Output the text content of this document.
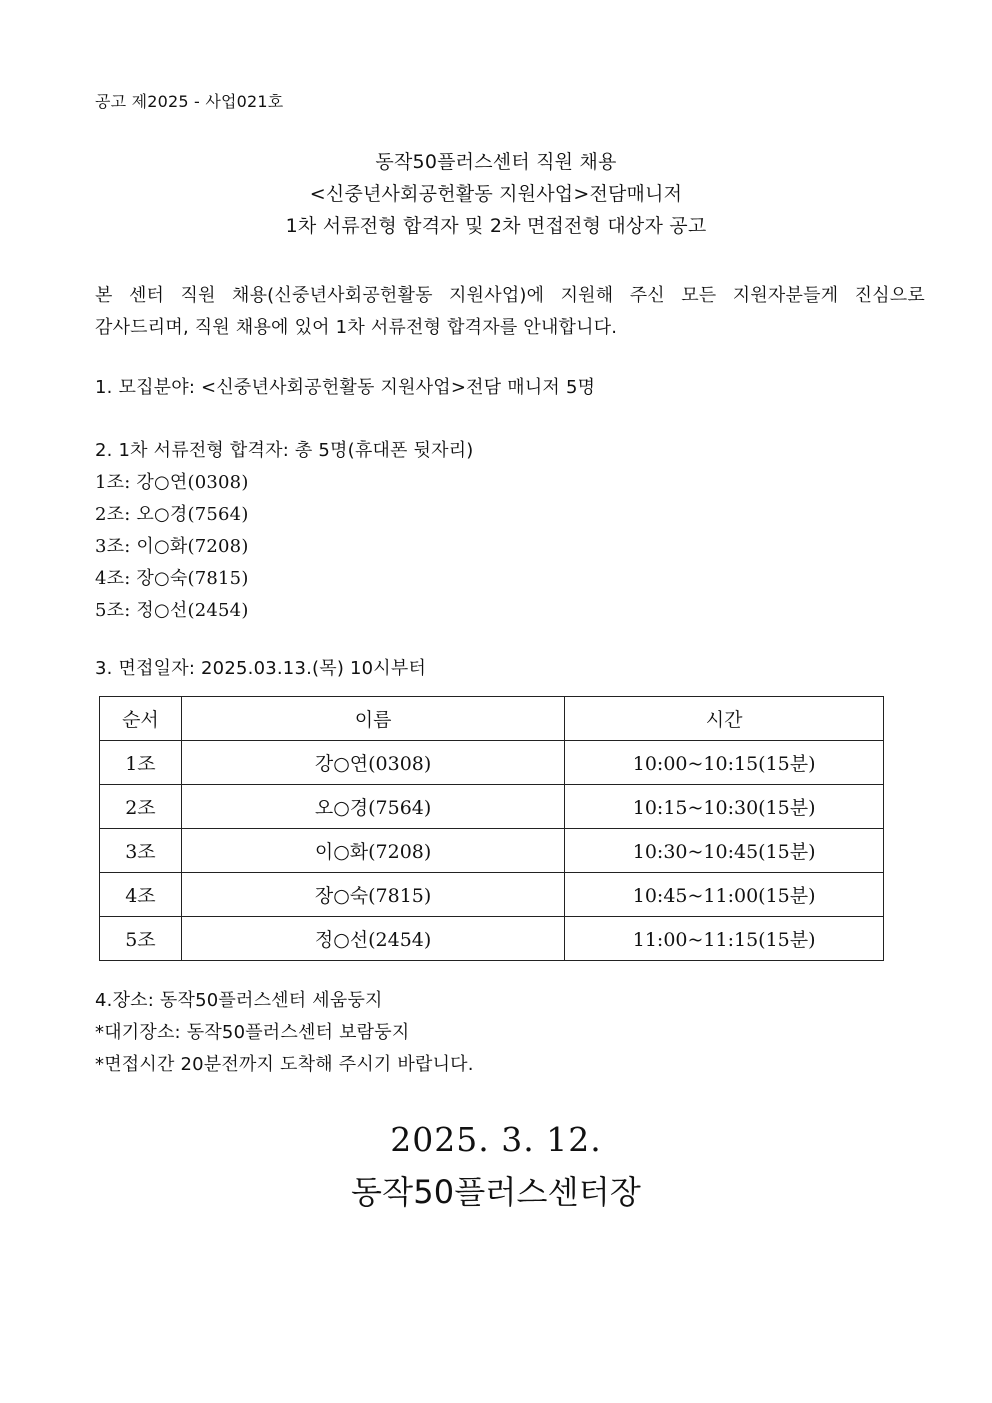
공고 제2025 - 사업021호
동작50플러스센터 직원 채용
<신중년사회공헌활동 지원사업>전담매니저
1차 서류전형 합격자 및 2차 면접전형 대상자 공고
본 센터 직원 채용(신중년사회공헌활동 지원사업)에 지원해 주신 모든 지원자분들게 진심으로 감사드리며, 직원 채용에 있어 1차 서류전형 합격자를 안내합니다.
1. 모집분야: <신중년사회공헌활동 지원사업>전담 매니저 5명
2. 1차 서류전형 합격자: 총 5명(휴대폰 뒷자리)
1조: 강○연(0308)
2조: 오○경(7564)
3조: 이○화(7208)
4조: 장○숙(7815)
5조: 정○선(2454)
3. 면접일자: 2025.03.13.(목) 10시부터
순서	이름	시간
1조	강○연(0308)	10:00~10:15(15분)
2조	오○경(7564)	10:15~10:30(15분)
3조	이○화(7208)	10:30~10:45(15분)
4조	장○숙(7815)	10:45~11:00(15분)
5조	정○선(2454)	11:00~11:15(15분)
4.장소: 동작50플러스센터 세움둥지
*대기장소: 동작50플러스센터 보람둥지
*면접시간 20분전까지 도착해 주시기 바랍니다.
2025. 3. 12.
동작50플러스센터장
